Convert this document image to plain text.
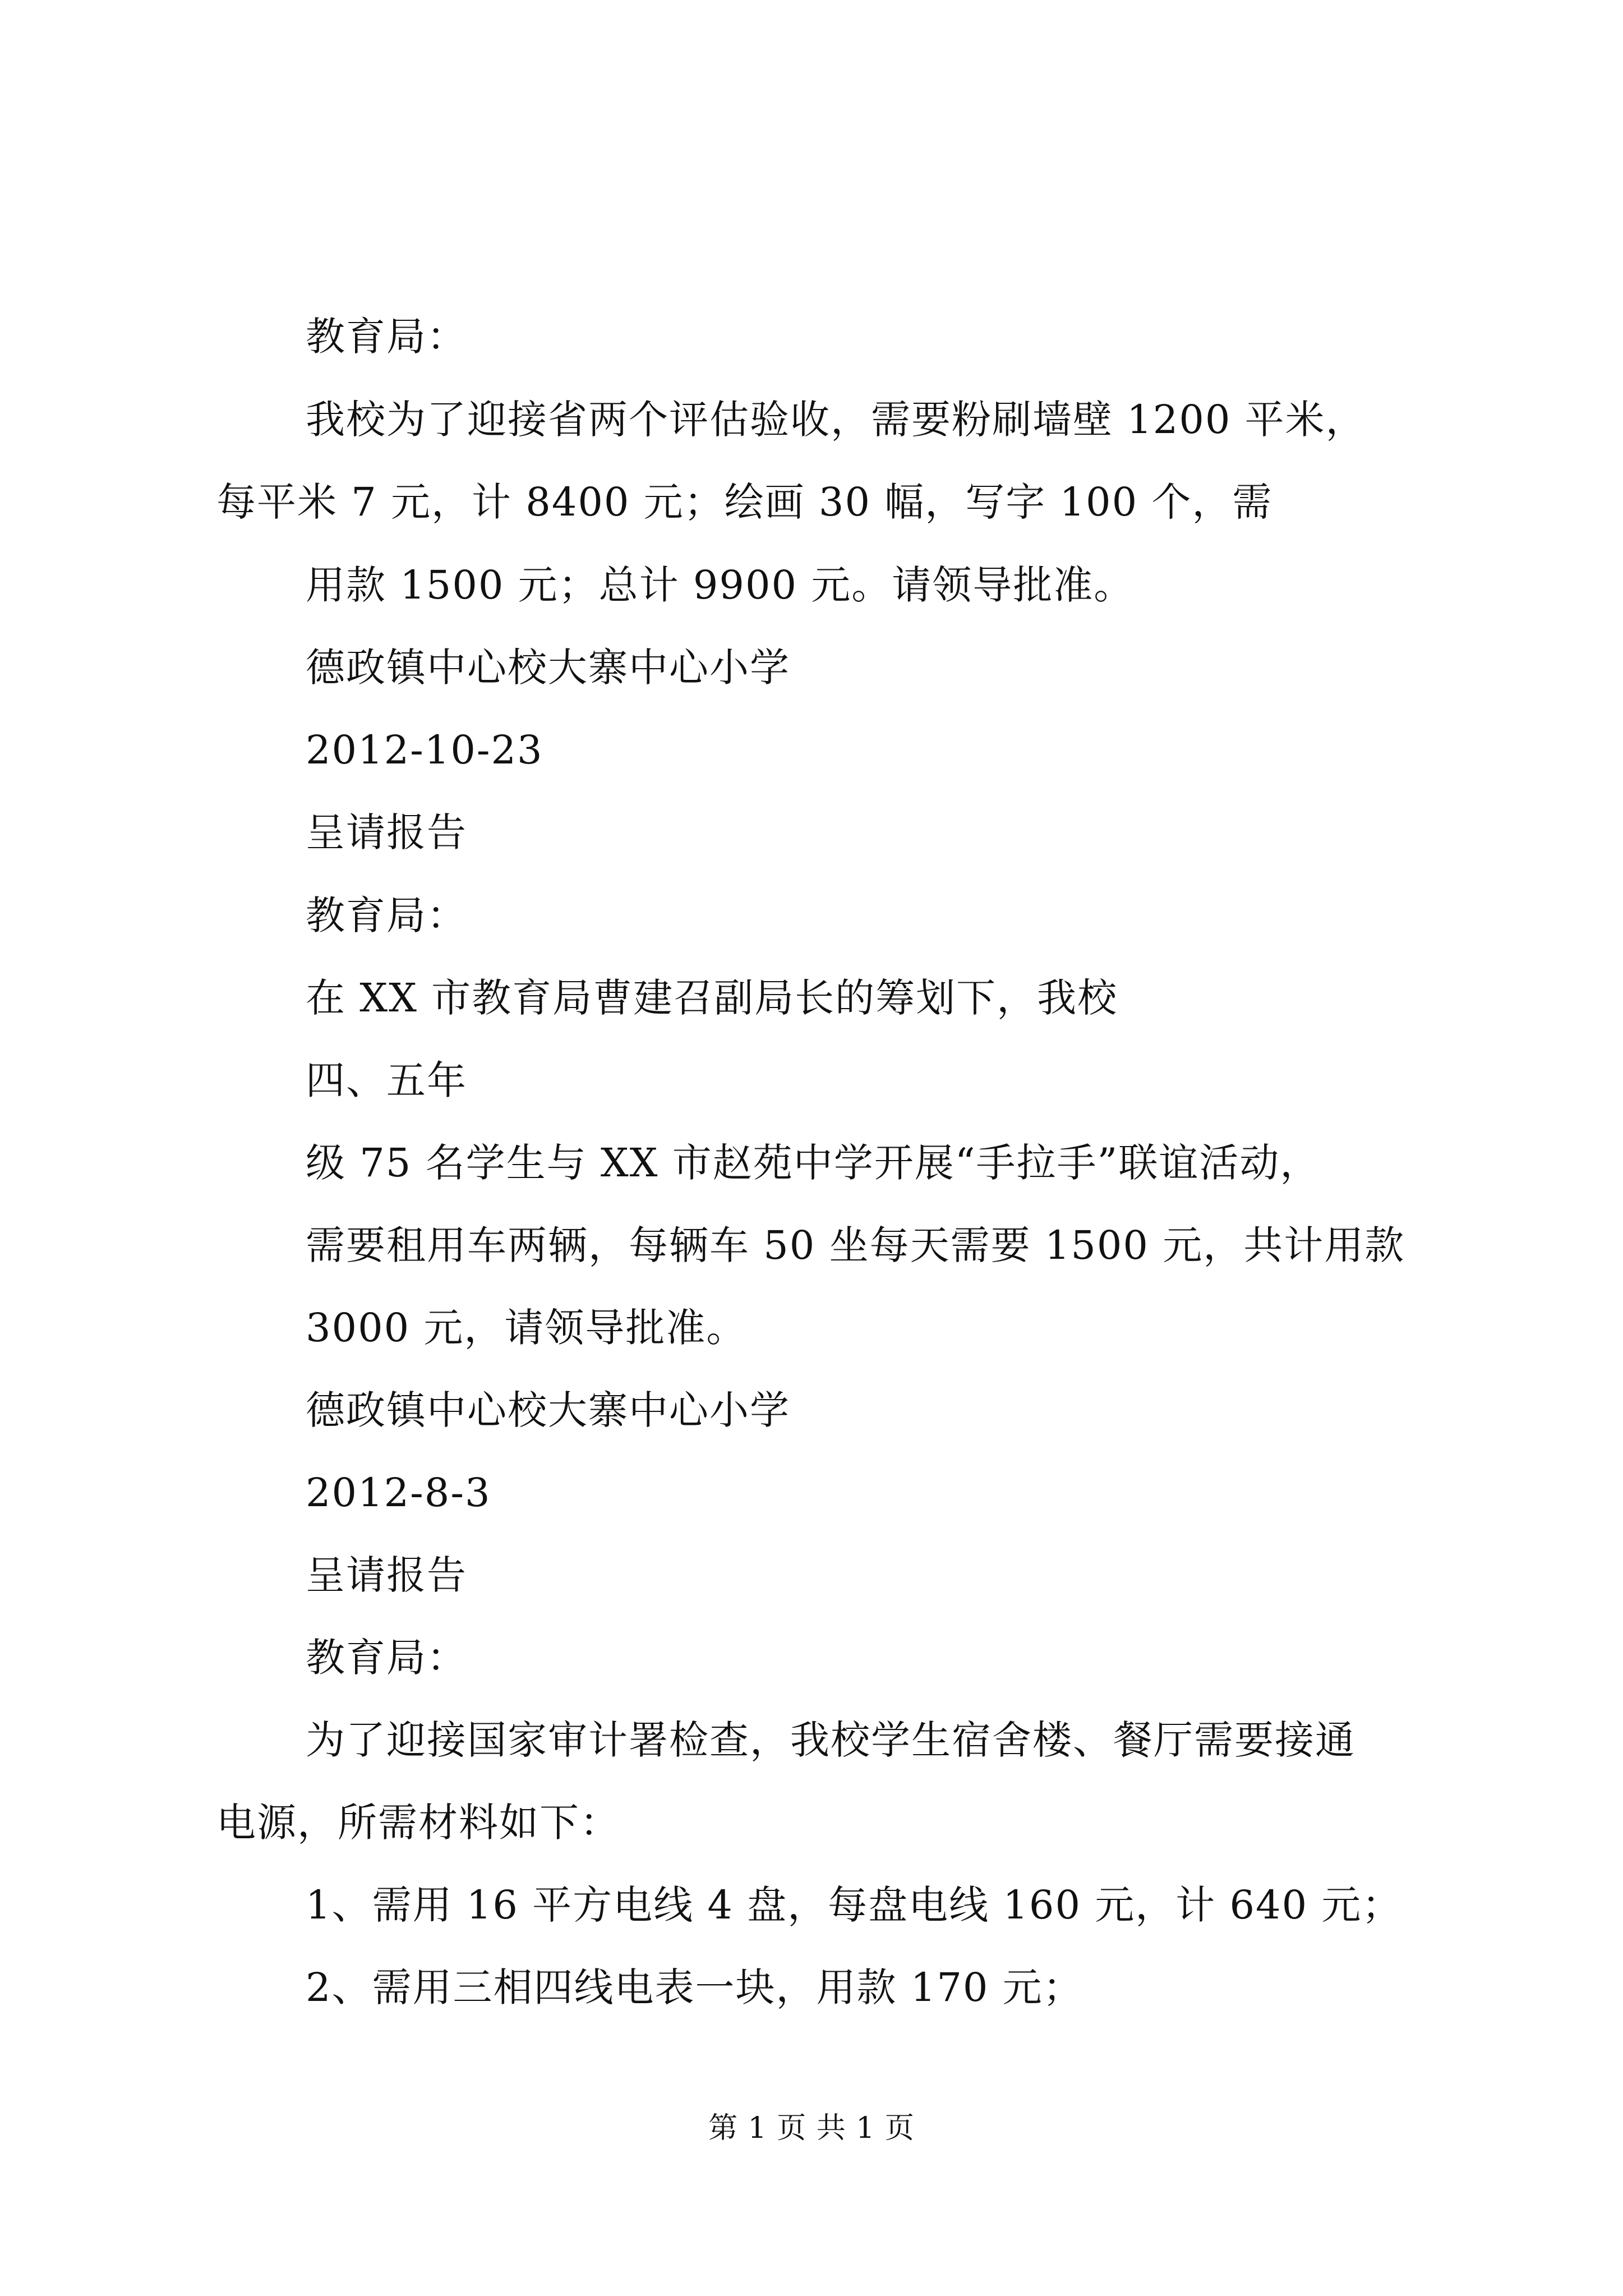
教育局：
我校为了迎接省两个评估验收，需要粉刷墙壁 1200 平米，
每平米 7 元，计 8400 元；绘画 30 幅，写字 100 个，需
用款 1500 元；总计 9900 元。请领导批准。
德政镇中心校大寨中心小学
2012-10-23
呈请报告
教育局：
在 XX 市教育局曹建召副局长的筹划下，我校
四、五年
级 75 名学生与 XX 市赵苑中学开展“手拉手”联谊活动，
需要租用车两辆，每辆车 50 坐每天需要 1500 元，共计用款
3000 元，请领导批准。
德政镇中心校大寨中心小学
2012-8-3
呈请报告
教育局：
为了迎接国家审计署检查，我校学生宿舍楼、餐厅需要接通
电源，所需材料如下：
1、需用 16 平方电线 4 盘，每盘电线 160 元，计 640 元；
2、需用三相四线电表一块，用款 170 元；
第 1 页 共 1 页
